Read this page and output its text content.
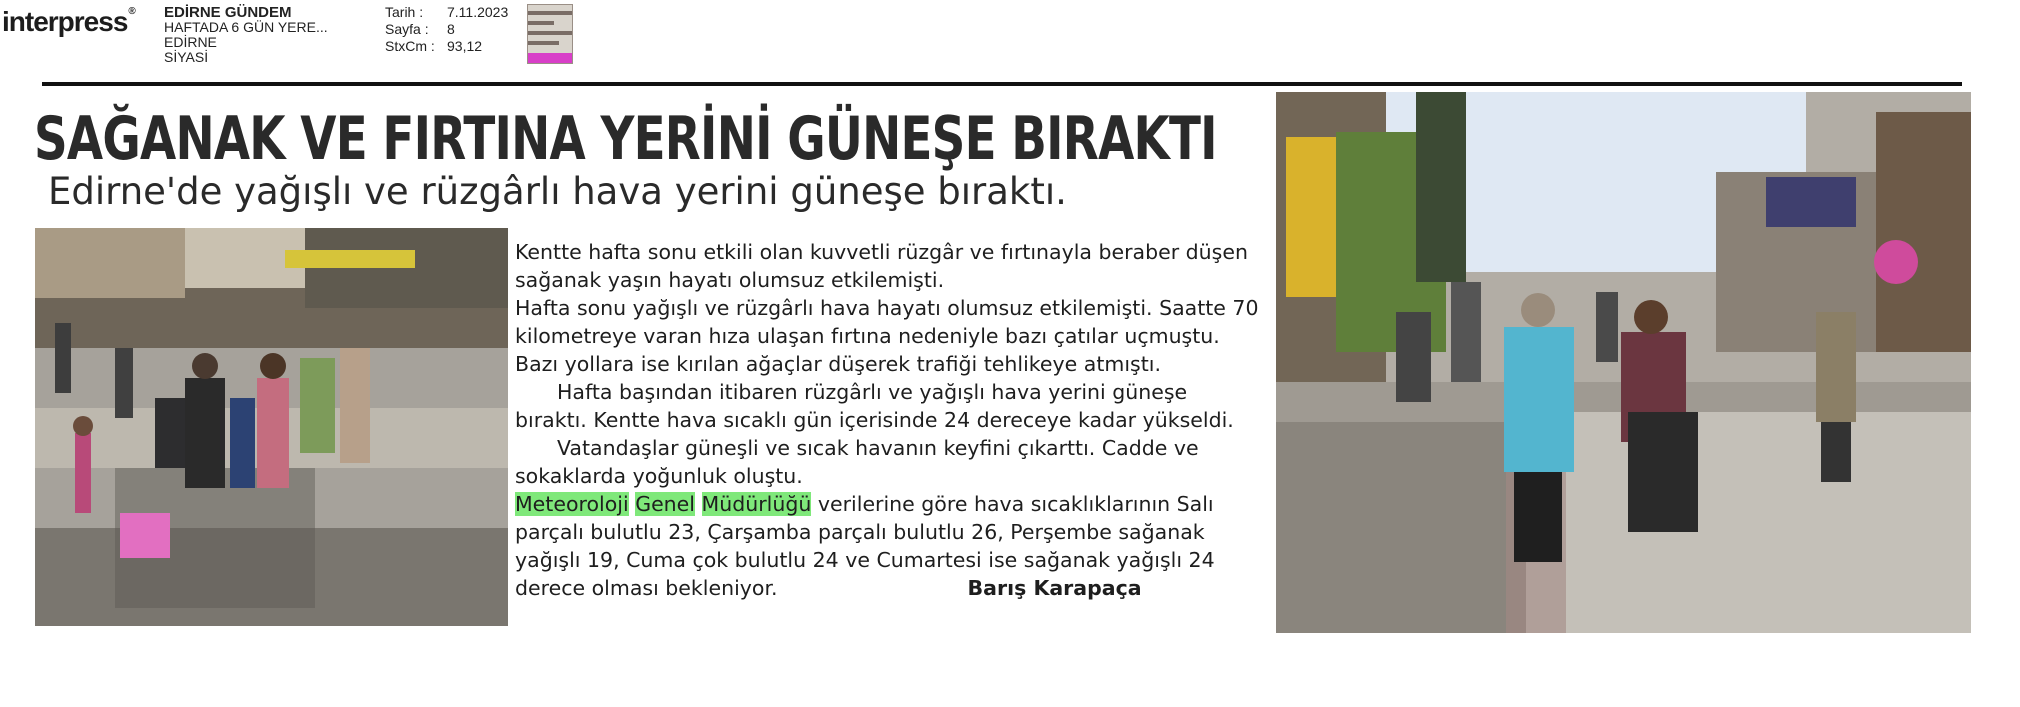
interpress® EDİRNE GÜNDEM
HAFTADA 6 GÜN YERE...
EDİRNE
SİYASİ
Tarih :	7.11.2023
Sayfa :	8
StxCm : 93,12
SAĞANAK VE FIRTINA YERİNİ GÜNEŞE BIRAKTI
Edirne'de yağışlı ve rüzgârlı hava yerini güneşe bıraktı.

Kentte hafta sonu etkili olan kuvvetli rüzgâr ve fırtınayla beraber düşen sağanak yaşın hayatı olumsuz etkilemişti.

Hafta sonu yağışlı ve rüzgârlı hava hayatı olumsuz etkilemişti. Saatte 70 kilometreye varan hıza ulaşan fırtına nedeniyle bazı çatılar uçmuştu. Bazı yollara ise kırılan ağaçlar düşerek trafiği tehlikeye atmıştı.

Hafta başından itibaren rüzgârlı ve yağışlı hava yerini güneşe bıraktı. Kentte hava sıcaklı gün içerisinde 24 dereceye kadar yükseldi.

Vatandaşlar güneşli ve sıcak havanın keyfini çıkarttı. Cadde ve sokaklarda yoğunluk oluştu.

Meteoroloji Genel Müdürlüğü verilerine göre hava sıcaklıklarının Salı parçalı bulutlu 23, Çarşamba parçalı bulutlu 26, Perşembe sağanak yağışlı 19, Cuma çok bulutlu 24 ve Cumartesi ise sağanak yağışlı 24 derece olması bekleniyor.	Barış Karapaça
